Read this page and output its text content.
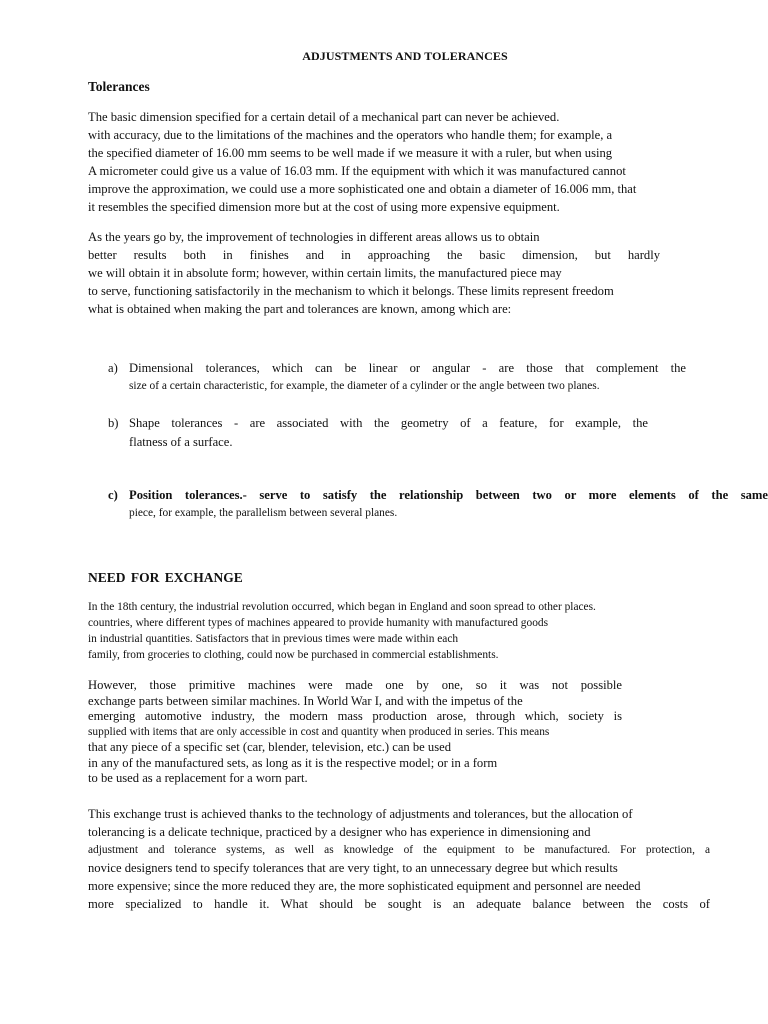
ADJUSTMENTS AND TOLERANCES
Tolerances
The basic dimension specified for a certain detail of a mechanical part can never be achieved.
with accuracy, due to the limitations of the machines and the operators who handle them; for example, a
the specified diameter of 16.00 mm seems to be well made if we measure it with a ruler, but when using
A micrometer could give us a value of 16.03 mm. If the equipment with which it was manufactured cannot
improve the approximation, we could use a more sophisticated one and obtain a diameter of 16.006 mm, that
it resembles the specified dimension more but at the cost of using more expensive equipment.
As the years go by, the improvement of technologies in different areas allows us to obtain
better results both in finishes and in approaching the basic dimension, but hardly
we will obtain it in absolute form; however, within certain limits, the manufactured piece may
to serve, functioning satisfactorily in the mechanism to which it belongs. These limits represent freedom
what is obtained when making the part and tolerances are known, among which are:
a) Dimensional tolerances, which can be linear or angular - are those that complement the
size of a certain characteristic, for example, the diameter of a cylinder or the angle between two planes.
b) Shape tolerances - are associated with the geometry of a feature, for example, the
flatness of a surface.
c) Position tolerances.- serve to satisfy the relationship between two or more elements of the same
piece, for example, the parallelism between several planes.
NEED FOR EXCHANGE
In the 18th century, the industrial revolution occurred, which began in England and soon spread to other places.
countries, where different types of machines appeared to provide humanity with manufactured goods
in industrial quantities. Satisfactors that in previous times were made within each
family, from groceries to clothing, could now be purchased in commercial establishments.
However, those primitive machines were made one by one, so it was not possible
exchange parts between similar machines. In World War I, and with the impetus of the
emerging automotive industry, the modern mass production arose, through which, society is
supplied with items that are only accessible in cost and quantity when produced in series. This means
that any piece of a specific set (car, blender, television, etc.) can be used
in any of the manufactured sets, as long as it is the respective model; or in a form
to be used as a replacement for a worn part.
This exchange trust is achieved thanks to the technology of adjustments and tolerances, but the allocation of
tolerancing is a delicate technique, practiced by a designer who has experience in dimensioning and
adjustment and tolerance systems, as well as knowledge of the equipment to be manufactured. For protection, a
novice designers tend to specify tolerances that are very tight, to an unnecessary degree but which results
more expensive; since the more reduced they are, the more sophisticated equipment and personnel are needed
more specialized to handle it. What should be sought is an adequate balance between the costs of
